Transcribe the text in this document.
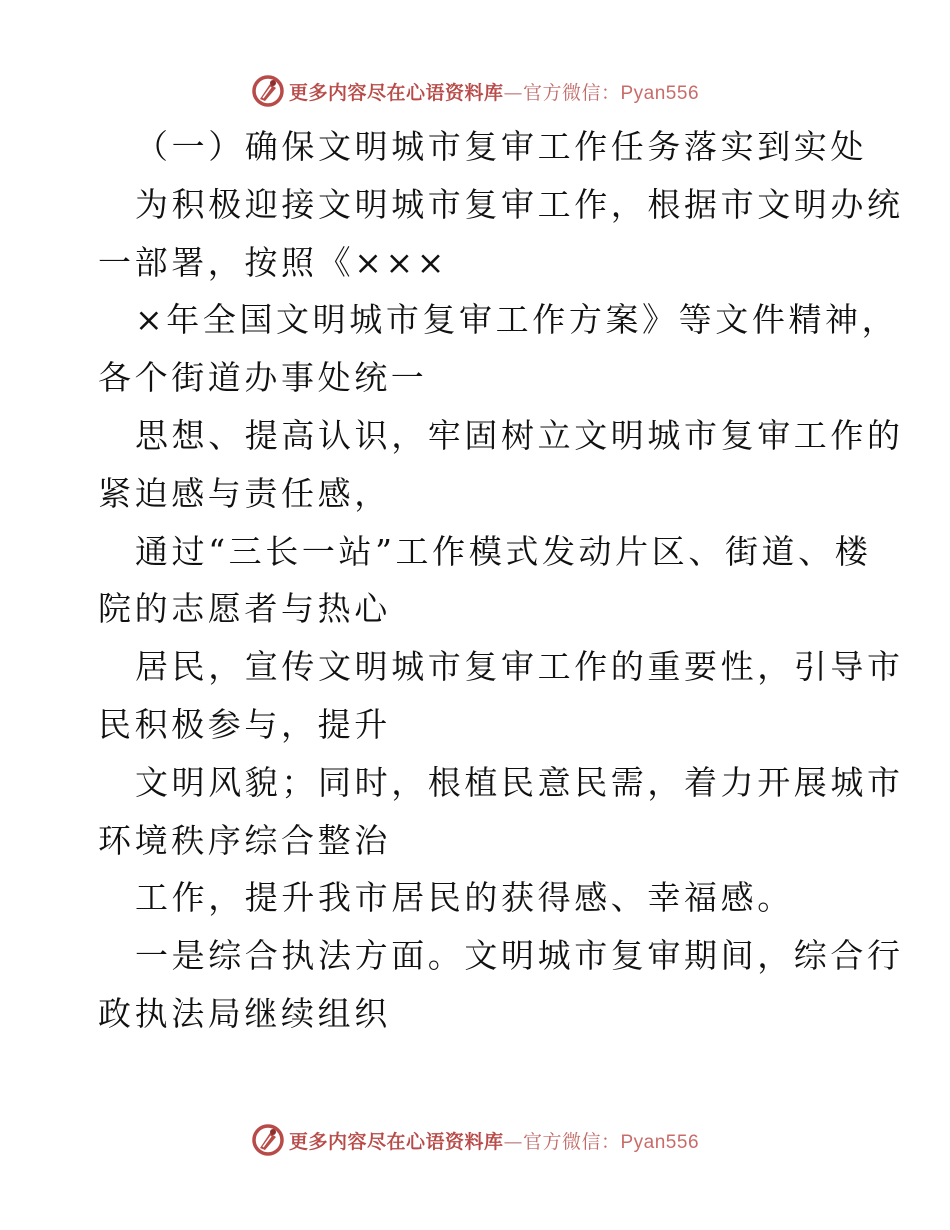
更多内容尽在心语资料库—官方微信：Pyan556
（一）确保文明城市复审工作任务落实到实处
为积极迎接文明城市复审工作，根据市文明办统
一部署，按照《×××
×年全国文明城市复审工作方案》等文件精神，
各个街道办事处统一
思想、提高认识，牢固树立文明城市复审工作的
紧迫感与责任感，
通过“三长一站”工作模式发动片区、街道、楼
院的志愿者与热心
居民，宣传文明城市复审工作的重要性，引导市
民积极参与，提升
文明风貌；同时，根植民意民需，着力开展城市
环境秩序综合整治
工作，提升我市居民的获得感、幸福感。
一是综合执法方面。文明城市复审期间，综合行
政执法局继续组织
更多内容尽在心语资料库—官方微信：Pyan556
